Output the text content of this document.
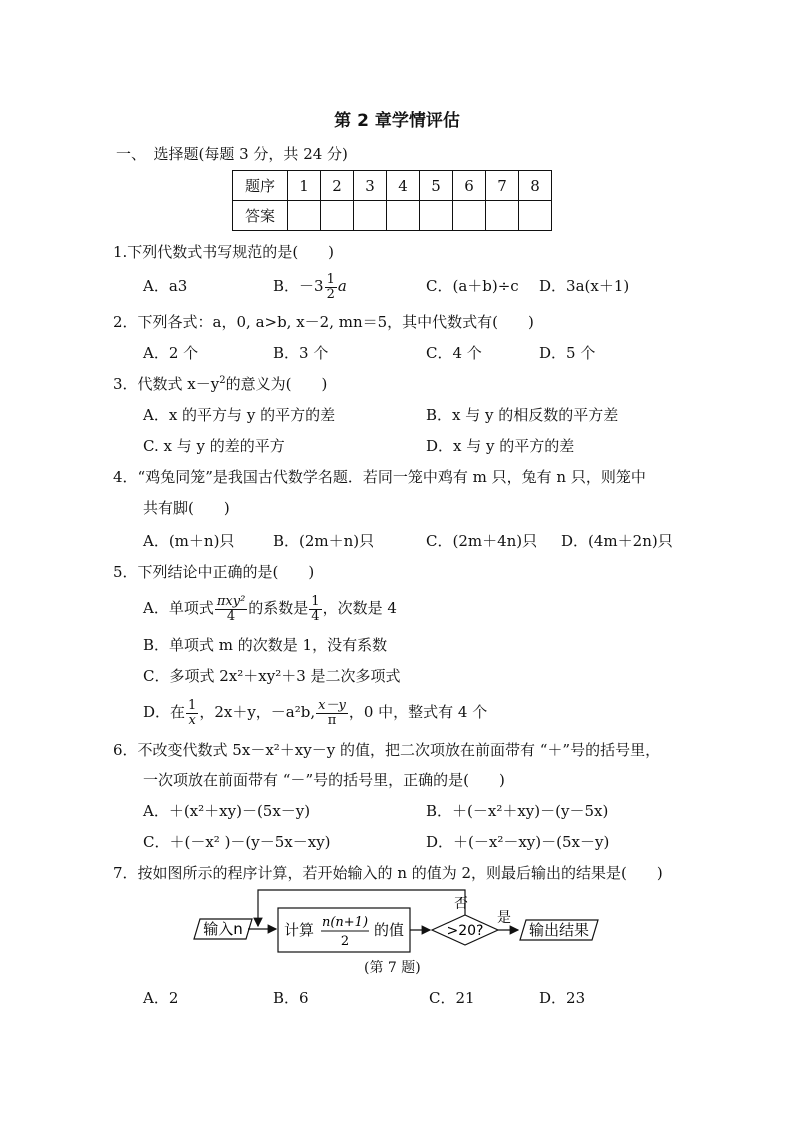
第 2 章学情评估
一、　选择题(每题 3 分，共 24 分)
题序	1	2	3	4	5	6	7	8
答案								
1.下列代数式书写规范的是(　　)
A．a3	B．$-3 \frac{1}{2}$ a	C．(a＋b)÷c D．3a(x＋1)
2．下列各式：a，0, a>b, x－2, mn＝5，其中代数式有(　　)
A．2 个	B．3 个	C．4 个	D．5 个
3．代数式 $x-y^2$的意义为(　　)
A．x 的平方与 y 的平方的差	B．x 与 y 的相反数的平方差
C. x 与 y 的差的平方	D．x 与 y 的平方的差
4．“鸡兔同笼”是我国古代数学名题．若同一笼中鸡有 m 只，兔有 n 只，则笼中
共有脚(　　)
A．(m＋n)只	B．(2m＋n)只	C．(2m＋4n)只 D．(4m＋2n)只
5．下列结论中正确的是(　　)
A．单项式 $\frac{\text{πxy²}}{4}$ 的系数是 $\frac{1}{4}$ ，次数是 4
B．单项式 m 的次数是 1，没有系数
C．多项式 2x²＋xy²＋3 是二次多项式
D．在 $\frac{1}{x}$ ，2x＋y，－a²b, $\frac{x-y}{\pi}$ ，0 中，整式有 4 个
6．不改变代数式 5x－x²＋xy－y 的值，把二次项放在前面带有 “＋”号的括号里，
一次项放在前面带有 “－”号的括号里，正确的是(　　)
A．＋(x²＋xy)－(5x－y)	B．＋(－x²＋xy)－(y－5x)
C．＋(－x² )－(y－5x－xy)	D．＋(－x²－xy)－(5x－y)
7．按如图所示的程序计算，若开始输入的 n 的值为 2，则最后输出的结果是(　　)
输入n	计算 n(n+1)
2
的值	>20?
否
是
输出结果
(第 7 题)
A．2	B．6	C．21	D．23
